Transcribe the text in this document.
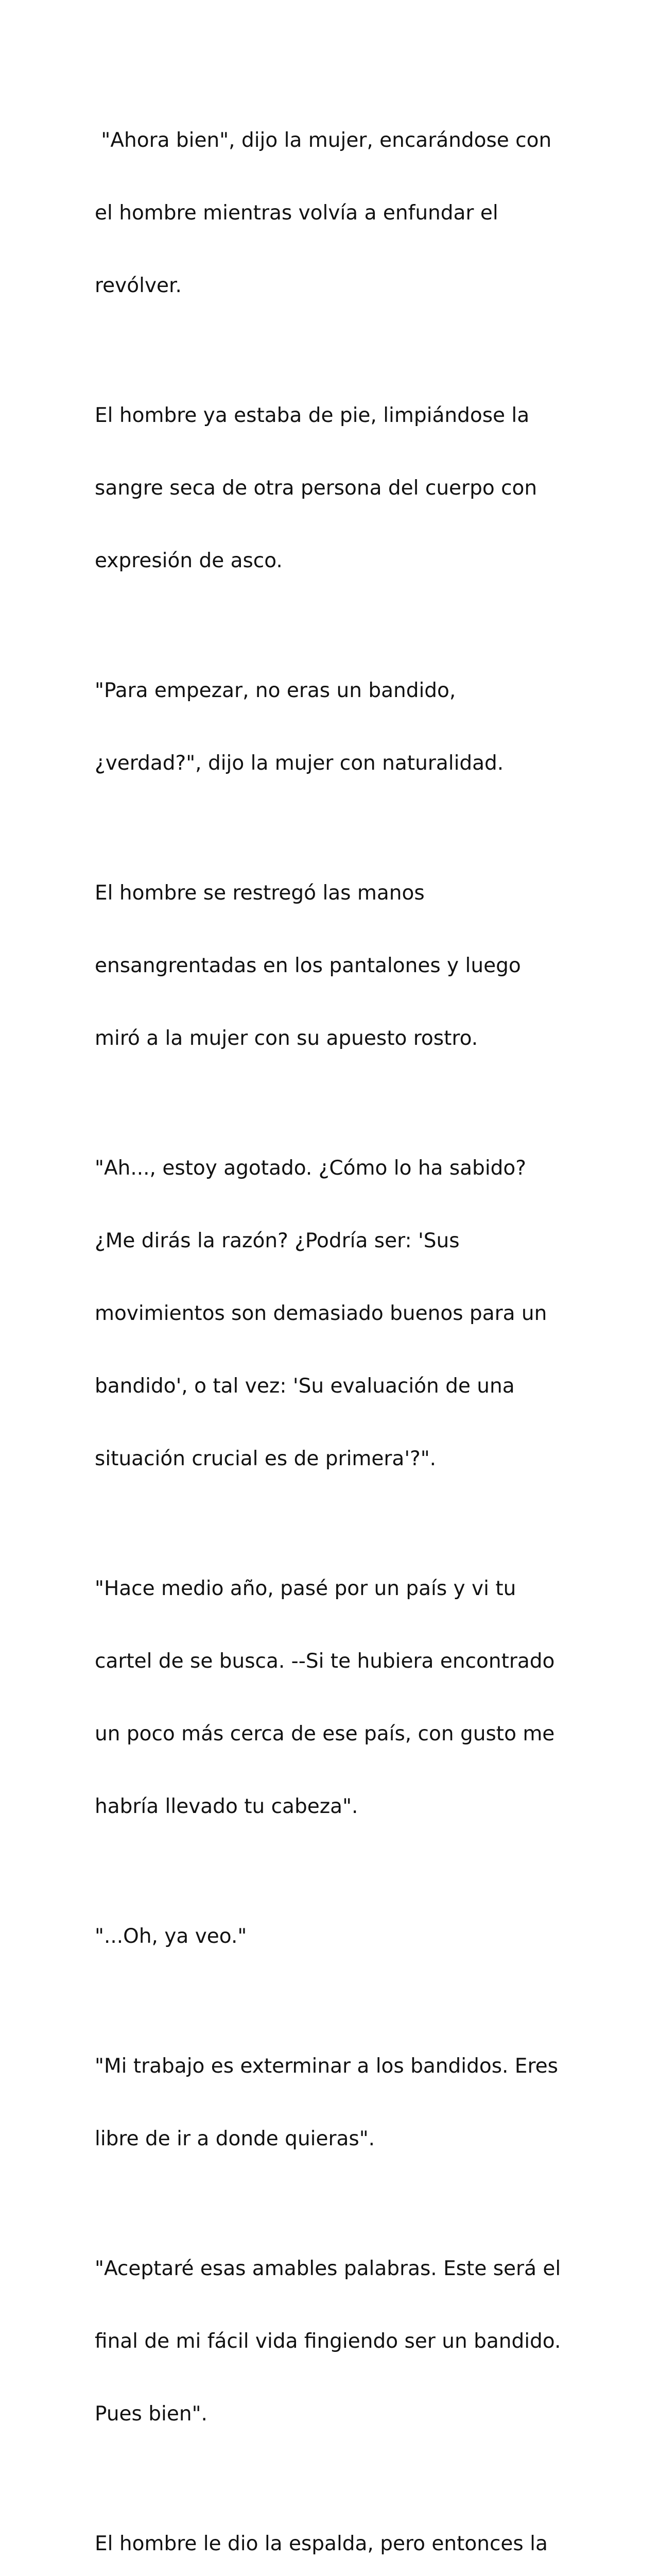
"Ahora bien", dijo la mujer, encarándose con

el hombre mientras volvía a enfundar el

revólver.

El hombre ya estaba de pie, limpiándose la

sangre seca de otra persona del cuerpo con

expresión de asco.

"Para empezar, no eras un bandido,

¿verdad?", dijo la mujer con naturalidad.

El hombre se restregó las manos

ensangrentadas en los pantalones y luego

miró a la mujer con su apuesto rostro.

"Ah..., estoy agotado. ¿Cómo lo ha sabido?

¿Me dirás la razón? ¿Podría ser: 'Sus

movimientos son demasiado buenos para un

bandido', o tal vez: 'Su evaluación de una

situación crucial es de primera'?".

"Hace medio año, pasé por un país y vi tu

cartel de se busca. --Si te hubiera encontrado

un poco más cerca de ese país, con gusto me

habría llevado tu cabeza".

"...Oh, ya veo."

"Mi trabajo es exterminar a los bandidos. Eres

libre de ir a donde quieras".

"Aceptaré esas amables palabras. Este será el

final de mi fácil vida fingiendo ser un bandido.

Pues bien".

El hombre le dio la espalda, pero entonces la
